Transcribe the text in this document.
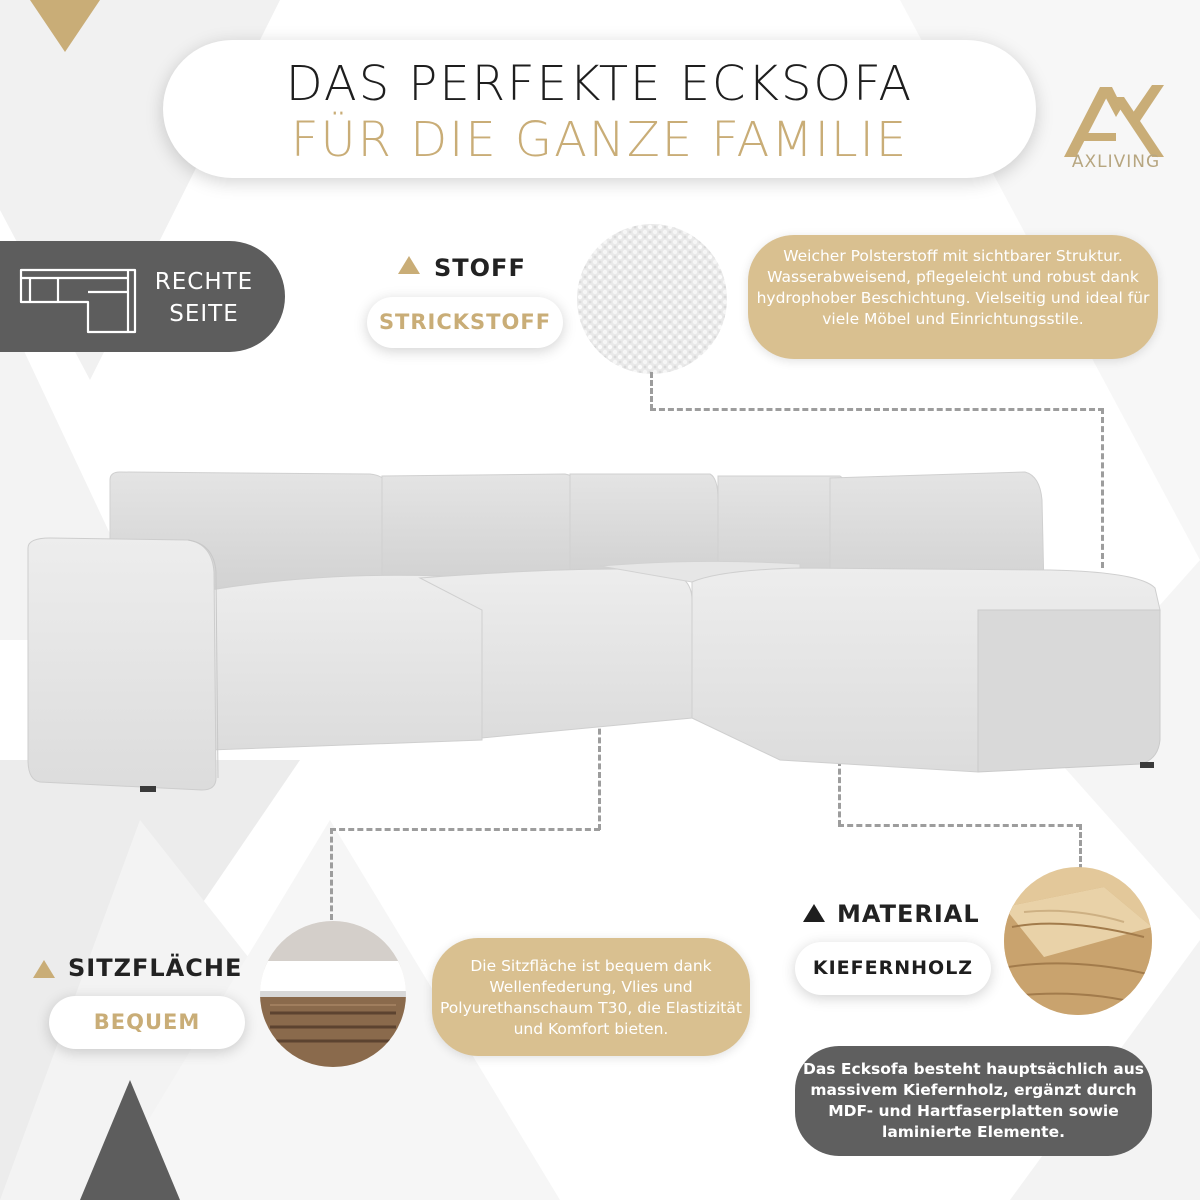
DAS PERFEKTE ECKSOFA
FÜR DIE GANZE FAMILIE	AXLIVING
RECHTE SEITE
STOFF
STRICKSTOFF
Weicher Polsterstoff mit sichtbarer Struktur. Wasserabweisend, pflegeleicht und robust dank hydrophober Beschichtung. Vielseitig und ideal für viele Möbel und Einrichtungsstile.
SITZFLÄCHE
BEQUEM
Die Sitzfläche ist bequem dank Wellenfederung, Vlies und Polyurethanschaum T30, die Elastizität und Komfort bieten.
MATERIAL
KIEFERNHOLZ
Das Ecksofa besteht hauptsächlich aus massivem Kiefernholz, ergänzt durch MDF- und Hartfaserplatten sowie laminierte Elemente.
